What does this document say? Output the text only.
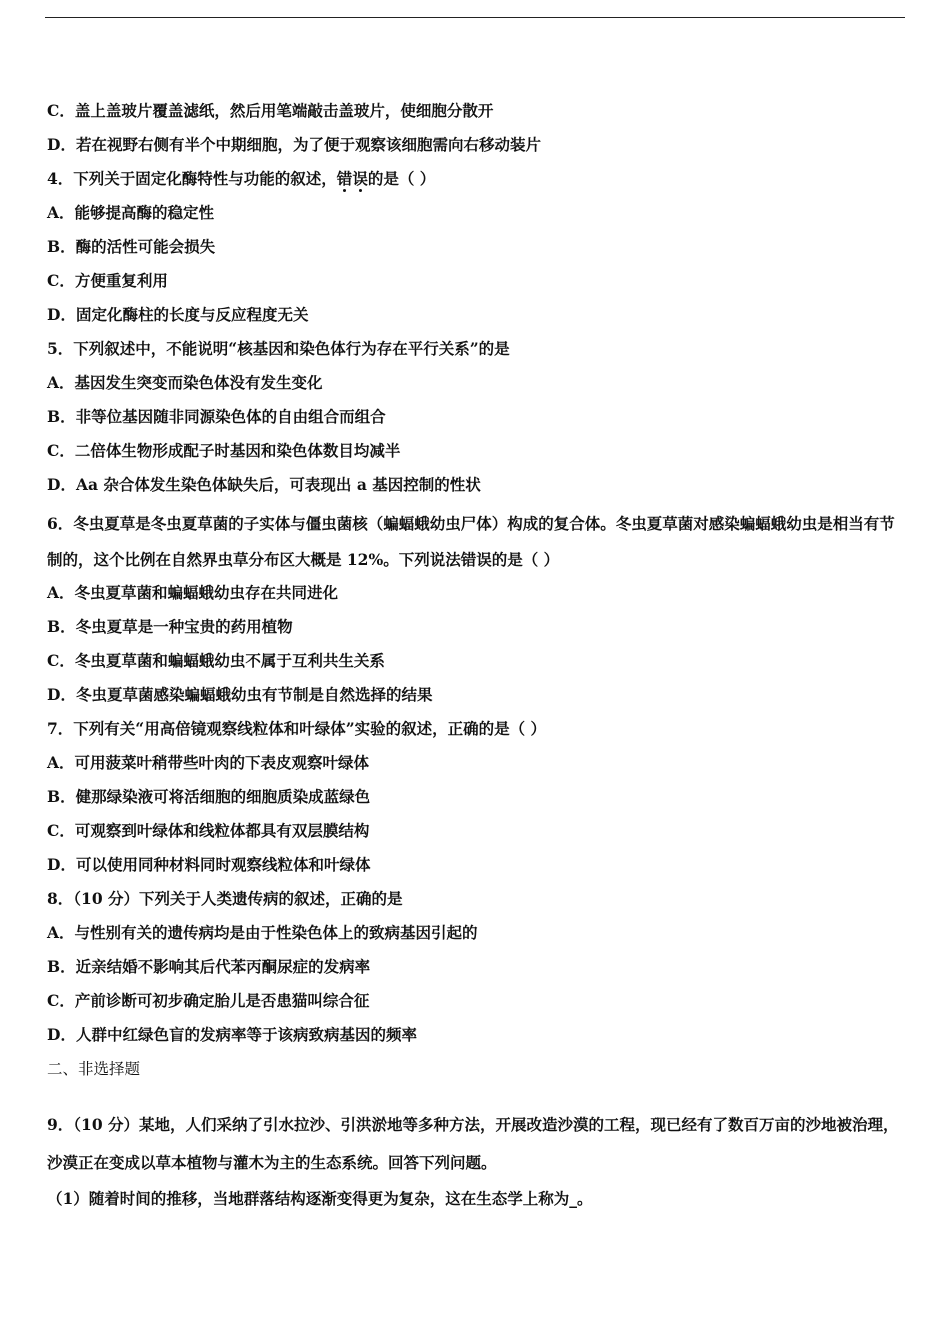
C．盖上盖玻片覆盖滤纸，然后用笔端敲击盖玻片，使细胞分散开
D．若在视野右侧有半个中期细胞，为了便于观察该细胞需向右移动装片
4．下列关于固定化酶特性与功能的叙述，错误的是（ ）
A．能够提高酶的稳定性
B．酶的活性可能会损失
C．方便重复利用
D．固定化酶柱的长度与反应程度无关
5．下列叙述中，不能说明“核基因和染色体行为存在平行关系”的是
A．基因发生突变而染色体没有发生变化
B．非等位基因随非同源染色体的自由组合而组合
C．二倍体生物形成配子时基因和染色体数目均减半
D．Aa 杂合体发生染色体缺失后，可表现出 a 基因控制的性状
6．冬虫夏草是冬虫夏草菌的子实体与僵虫菌核（蝙蝠蛾幼虫尸体）构成的复合体。冬虫夏草菌对感染蝙蝠蛾幼虫是相当有节制的，这个比例在自然界虫草分布区大概是 12%。下列说法错误的是（ ）
A．冬虫夏草菌和蝙蝠蛾幼虫存在共同进化
B．冬虫夏草是一种宝贵的药用植物
C．冬虫夏草菌和蝙蝠蛾幼虫不属于互利共生关系
D．冬虫夏草菌感染蝙蝠蛾幼虫有节制是自然选择的结果
7．下列有关“用高倍镜观察线粒体和叶绿体”实验的叙述，正确的是（ ）
A．可用菠菜叶稍带些叶肉的下表皮观察叶绿体
B．健那绿染液可将活细胞的细胞质染成蓝绿色
C．可观察到叶绿体和线粒体都具有双层膜结构
D．可以使用同种材料同时观察线粒体和叶绿体
8．（10 分）下列关于人类遗传病的叙述，正确的是
A．与性别有关的遗传病均是由于性染色体上的致病基因引起的
B．近亲结婚不影响其后代苯丙酮尿症的发病率
C．产前诊断可初步确定胎儿是否患猫叫综合征
D．人群中红绿色盲的发病率等于该病致病基因的频率
二、非选择题
9．（10 分）某地，人们采纳了引水拉沙、引洪淤地等多种方法，开展改造沙漠的工程，现已经有了数百万亩的沙地被治理，沙漠正在变成以草本植物与灌木为主的生态系统。回答下列问题。
（1）随着时间的推移，当地群落结构逐渐变得更为复杂，这在生态学上称为_。
